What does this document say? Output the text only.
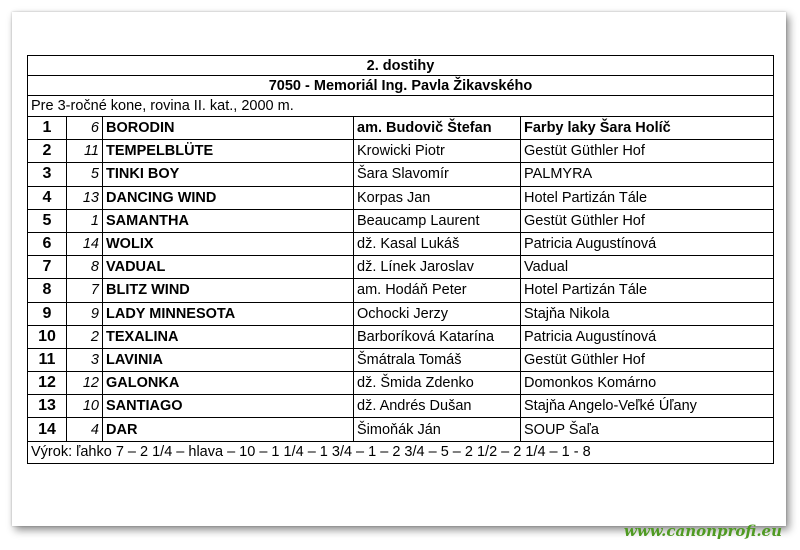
2. dostihy				
7050 - Memoriál Ing. Pavla Žikavského				
Pre 3-ročné kone, rovina II. kat., 2000 m.				
1	6	BORODIN	am. Budovič Štefan	Farby laky Šara Holíč
2	11	TEMPELBLÜTE	Krowicki Piotr	Gestüt Güthler Hof
3	5	TINKI BOY	Šara Slavomír	PALMYRA
4	13	DANCING WIND	Korpas Jan	Hotel Partizán Tále
5	1	SAMANTHA	Beaucamp Laurent	Gestüt Güthler Hof
6	14	WOLIX	dž. Kasal Lukáš	Patricia Augustínová
7	8	VADUAL	dž. Línek Jaroslav	Vadual
8	7	BLITZ WIND	am. Hodáň Peter	Hotel Partizán Tále
9	9	LADY MINNESOTA	Ochocki Jerzy	Stajňa Nikola
10	2	TEXALINA	Barboríková Katarína	Patricia Augustínová
11	3	LAVINIA	Šmátrala Tomáš	Gestüt Güthler Hof
12	12	GALONKA	dž. Šmida Zdenko	Domonkos Komárno
13	10	SANTIAGO	dž. Andrés Dušan	Stajňa Angelo-Veľké Úľany
14	4	DAR	Šimoňák Ján	SOUP Šaľa
Výrok: ľahko 7 – 2 1/4 – hlava – 10 – 1 1/4 – 1 3/4 – 1 – 2 3/4 – 5 – 2 1/2 – 2 1/4 – 1 - 8				
www.canonprofi.eu
